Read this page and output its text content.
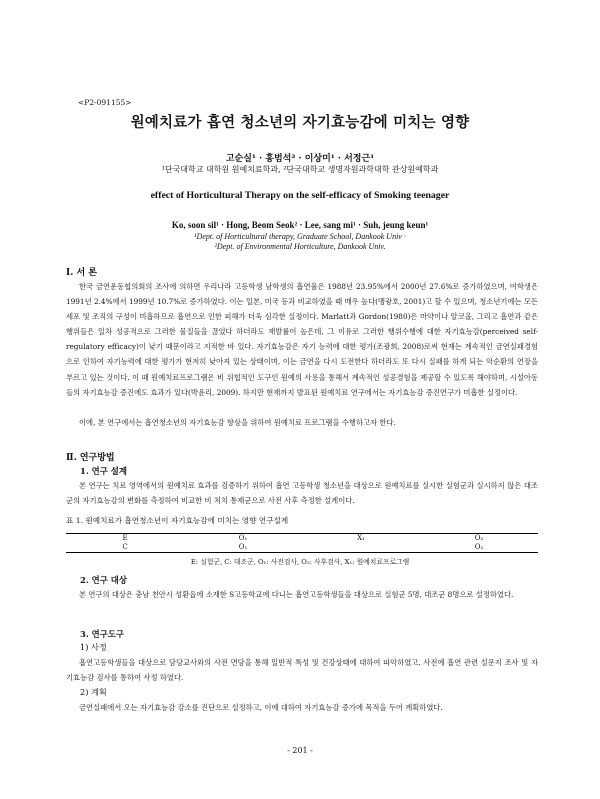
<P2-091155>
원예치료가 흡연 청소년의 자기효능감에 미치는 영향
고순실¹ · 홍범석² · 이상미¹ · 서정근¹
¹단국대학교 대학원 원예치료학과, ²단국대학교 생명자원과학대학 관상원예학과
effect of Horticultural Therapy on the self-efficacy of Smoking teenager
Ko, soon sil¹ · Hong, Beom Seok² · Lee, sang mi¹ · Suh, jeung keun¹
¹Dept. of Horticultural therapy, Graduate School, Dankook Univ ·
²Dept. of Environmental Horticulture, Dankook Univ.
Ⅰ. 서 론
한국 금연운동협의회의 조사에 의하면 우리나라 고등학생 남학생의 흡연율은 1988년 23.95%에서 2000년 27.6%로 증가하였으며, 여학생은 1991년 2.4%에서 1999년 10.7%로 증가하였다. 이는 일본, 미국 등과 비교하였을 때 매우 높다(맹광호, 2001)고 할 수 있으며, 청소년기에는 모든 세포 및 조직의 구성이 미흡하므로 흡연으로 인한 피해가 더욱 심각한 실정이다. Marlatt과 Gordon(1980)은 마약이나 알코올, 그리고 흡연과 같은 행위들은 일차 성공적으로 그러한 물질들을 끊었다 하더라도 재발률이 높은데, 그 이유로 그러한 행위수행에 대한 자기효능감(perceived self-regulatory efficacy)이 낮기 때문이라고 지적한 바 있다. 자기효능감은 자기 능력에 대한 평가(조광희, 2008)로써 현재는 계속적인 금연실패경험으로 인하여 자기능력에 대한 평가가 현저히 낮아져 있는 상태이며, 이는 금연을 다시 도전한다 하더라도 또 다시 실패를 하게 되는 악순환의 연장을 부르고 있는 것이다. 이 때 원예치료프로그램은 비 위협적인 도구인 원예의 사용을 통해서 계속적인 성공경험을 제공할 수 있도록 해야하며, 시설아동들의 자기효능감 증진에도 효과가 있다(박윤리, 2009). 하지만 현재까지 발표된 원예치료 연구에서는 자기효능감 증진연구가 미흡한 실정이다.
이에, 본 연구에서는 흡연청소년의 자기효능감 향상을 위하여 원예치료 프로그램을 수행하고자 한다.
Ⅱ. 연구방법
1. 연구 설계
본 연구는 치료 영역에서의 원예치료 효과를 검증하기 위하여 흡연 고등학생 청소년을 대상으로 원예치료를 실시한 실험군과 실시하지 않은 대조군의 자기효능감의 변화를 측정하여 비교한 비 처치 통제군으로 사전 사후 측정한 설계이다.
표 1. 원예치료가 흡연청소년이 자기효능감에 미치는 영향 연구설계
E	O₁	X₁	O₂
C	O₁		O₂
E: 실험군, C: 대조군, O₁: 사전검사, O₂: 사후검사, X₁: 원예치료프로그램
2. 연구 대상
본 연구의 대상은 충남 천안시 성환읍에 소재한 S고등학교에 다니는 흡연고등학생들을 대상으로 실험군 5명, 대조군 8명으로 설정하였다.
3. 연구도구
1) 사정
흡연고등학생들을 대상으로 담당교사와의 사전 면담을 통해 일반적 특성 및 건강상태에 대하여 파악하였고, 사전에 흡연 관련 설문지 조사 및 자기효능감 검사를 통하여 사정 하였다.
2) 계획
금연실패에서 오는 자기효능감 감소를 진단으로 설정하고, 이에 대하여 자기효능감 증가에 목적을 두어 계획하였다.
- 201 -
